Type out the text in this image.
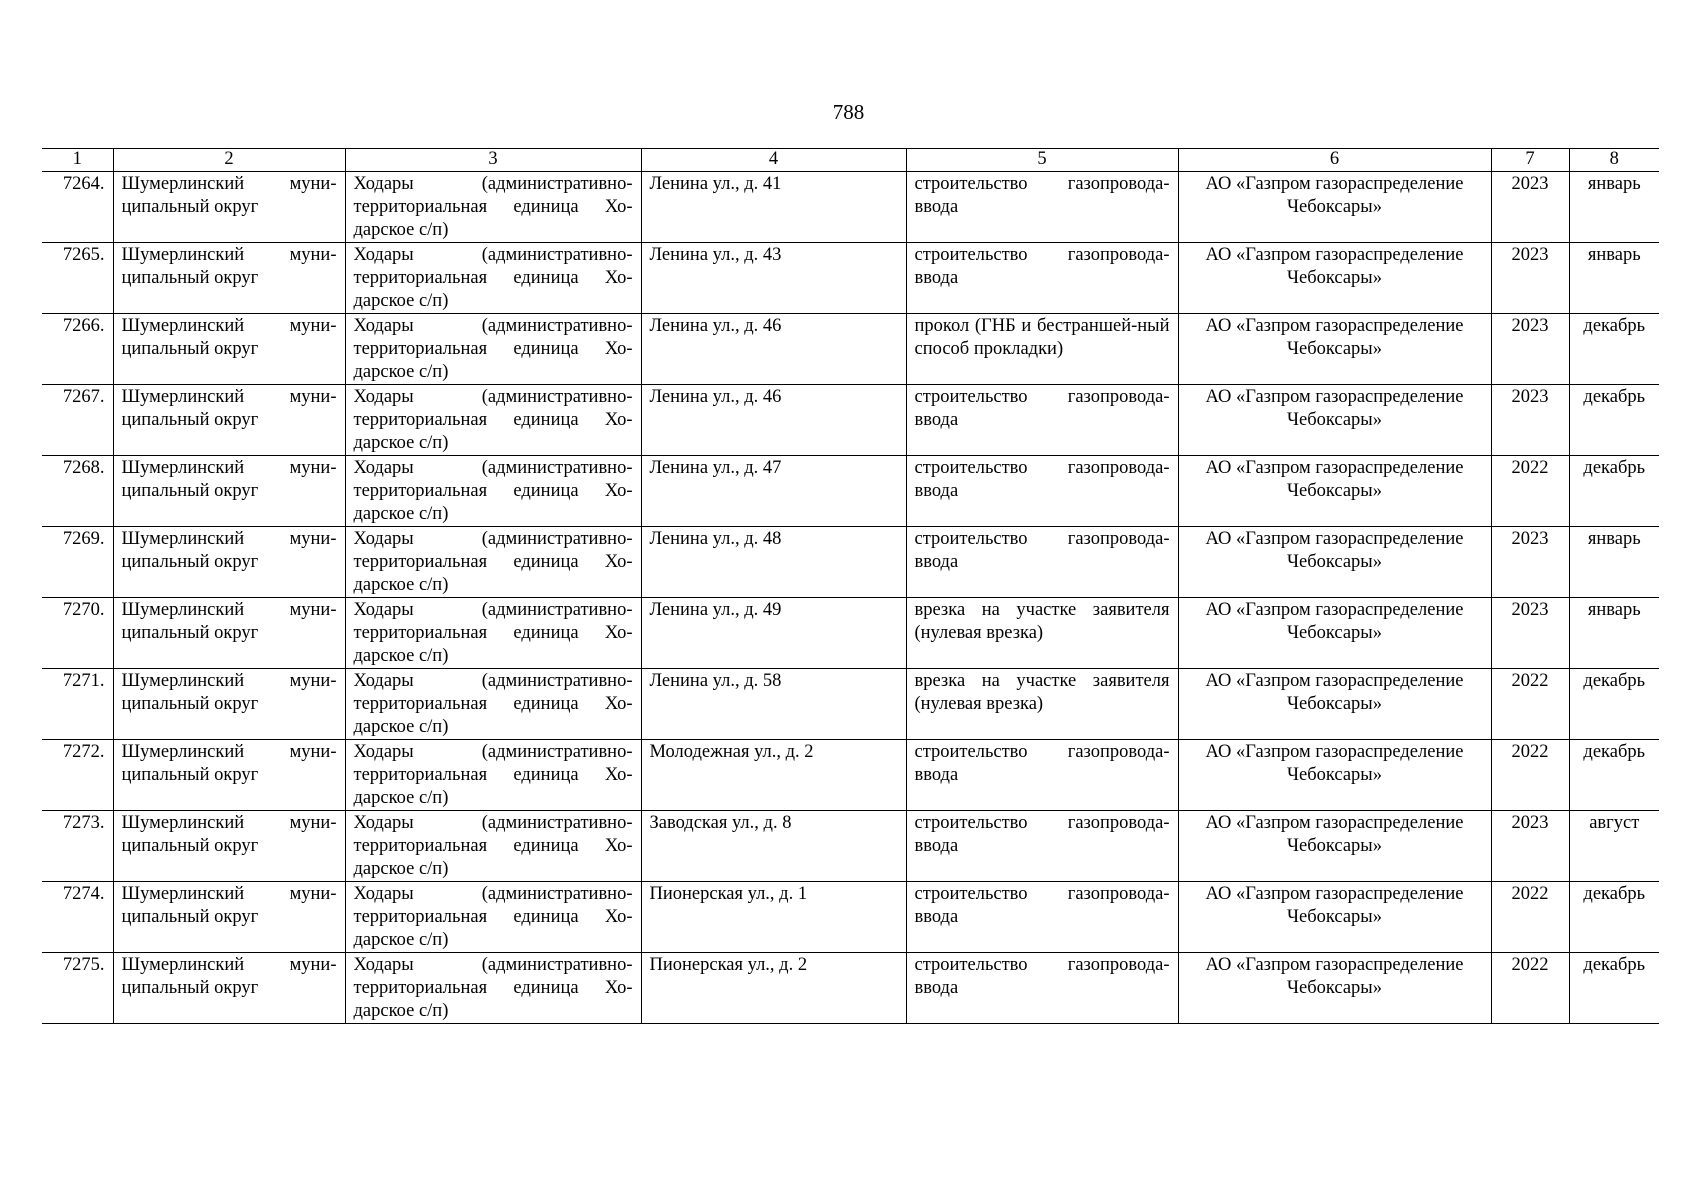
788
1	2	3	4	5	6	7	8
7264.	Шумерлинский муни-ципальный округ	Ходары (административно-территориальная единица Хо-дарское с/п)	Ленина ул., д. 41	строительство газопровода-ввода	АО «Газпром газораспределение Чебоксары»	2023	январь
7265.	Шумерлинский муни-ципальный округ	Ходары (административно-территориальная единица Хо-дарское с/п)	Ленина ул., д. 43	строительство газопровода-ввода	АО «Газпром газораспределение Чебоксары»	2023	январь
7266.	Шумерлинский муни-ципальный округ	Ходары (административно-территориальная единица Хо-дарское с/п)	Ленина ул., д. 46	прокол (ГНБ и бестраншей-ный способ прокладки)	АО «Газпром газораспределение Чебоксары»	2023	декабрь
7267.	Шумерлинский муни-ципальный округ	Ходары (административно-территориальная единица Хо-дарское с/п)	Ленина ул., д. 46	строительство газопровода-ввода	АО «Газпром газораспределение Чебоксары»	2023	декабрь
7268.	Шумерлинский муни-ципальный округ	Ходары (административно-территориальная единица Хо-дарское с/п)	Ленина ул., д. 47	строительство газопровода-ввода	АО «Газпром газораспределение Чебоксары»	2022	декабрь
7269.	Шумерлинский муни-ципальный округ	Ходары (административно-территориальная единица Хо-дарское с/п)	Ленина ул., д. 48	строительство газопровода-ввода	АО «Газпром газораспределение Чебоксары»	2023	январь
7270.	Шумерлинский муни-ципальный округ	Ходары (административно-территориальная единица Хо-дарское с/п)	Ленина ул., д. 49	врезка на участке заявителя (нулевая врезка)	АО «Газпром газораспределение Чебоксары»	2023	январь
7271.	Шумерлинский муни-ципальный округ	Ходары (административно-территориальная единица Хо-дарское с/п)	Ленина ул., д. 58	врезка на участке заявителя (нулевая врезка)	АО «Газпром газораспределение Чебоксары»	2022	декабрь
7272.	Шумерлинский муни-ципальный округ	Ходары (административно-территориальная единица Хо-дарское с/п)	Молодежная ул., д. 2	строительство газопровода-ввода	АО «Газпром газораспределение Чебоксары»	2022	декабрь
7273.	Шумерлинский муни-ципальный округ	Ходары (административно-территориальная единица Хо-дарское с/п)	Заводская ул., д. 8	строительство газопровода-ввода	АО «Газпром газораспределение Чебоксары»	2023	август
7274.	Шумерлинский муни-ципальный округ	Ходары (административно-территориальная единица Хо-дарское с/п)	Пионерская ул., д. 1	строительство газопровода-ввода	АО «Газпром газораспределение Чебоксары»	2022	декабрь
7275.	Шумерлинский муни-ципальный округ	Ходары (административно-территориальная единица Хо-дарское с/п)	Пионерская ул., д. 2	строительство газопровода-ввода	АО «Газпром газораспределение Чебоксары»	2022	декабрь
